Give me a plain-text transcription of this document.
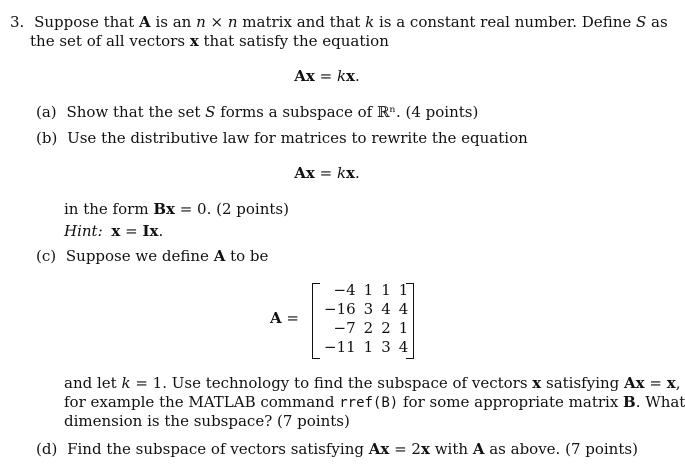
3. Suppose that A is an n × n matrix and that k is a constant real number. Define S as
the set of all vectors x that satisfy the equation
Ax = kx.
(a) Show that the set S forms a subspace of ℝⁿ. (4 points)
(b) Use the distributive law for matrices to rewrite the equation
Ax = kx.
in the form Bx = 0. (2 points)
Hint: x = Ix.
(c) Suppose we define A to be
A =
−4	1	1	1
−16	3	4	4
−7	2	2	1
−11	1	3	4
and let k = 1. Use technology to find the subspace of vectors x satisfying Ax = x,
for example the MATLAB command rref(B) for some appropriate matrix B. What
dimension is the subspace? (7 points)
(d) Find the subspace of vectors satisfying Ax = 2x with A as above. (7 points)
